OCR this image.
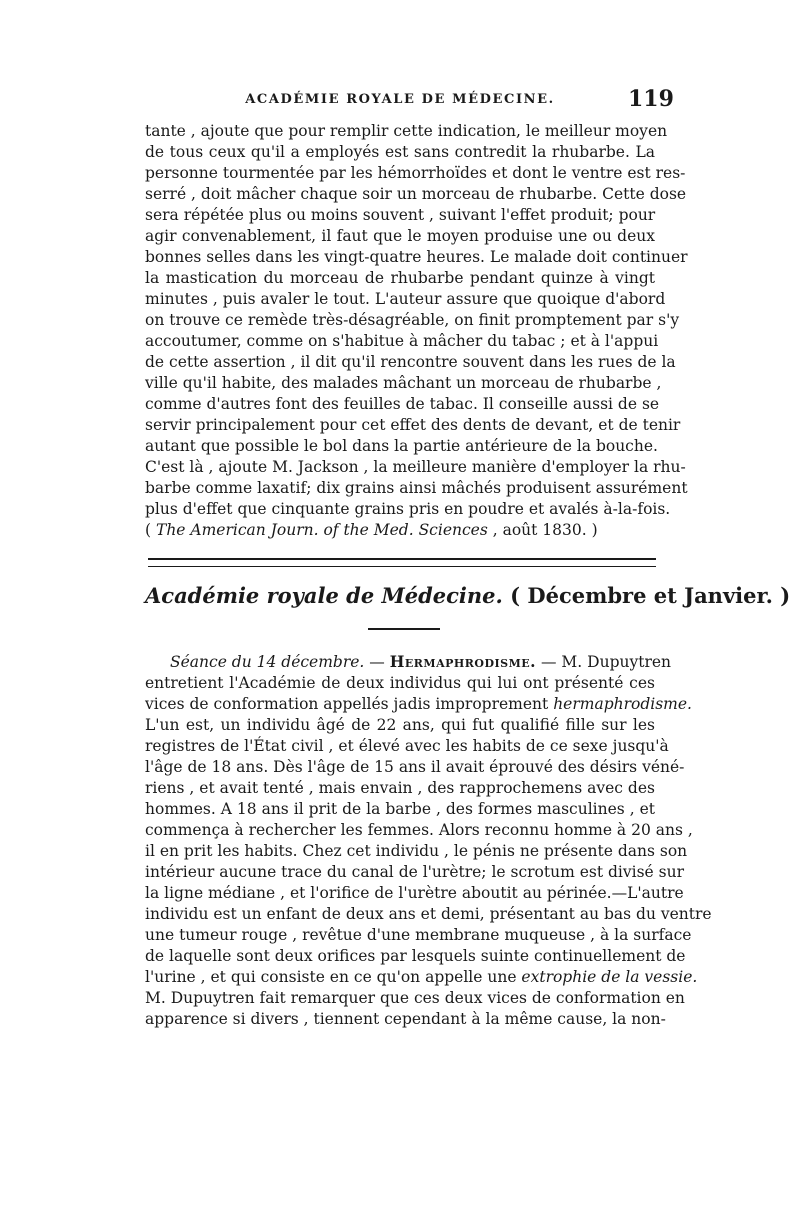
ACADÉMIE ROYALE DE MÉDECINE.	119
tante , ajoute que pour remplir cette indication, le meilleur moyen
de tous ceux qu'il a employés est sans contredit la rhubarbe. La
personne tourmentée par les hémorrhoïdes et dont le ventre est res-
serré , doit mâcher chaque soir un morceau de rhubarbe. Cette dose
sera répétée plus ou moins souvent , suivant l'effet produit; pour
agir convenablement, il faut que le moyen produise une ou deux
bonnes selles dans les vingt-quatre heures. Le malade doit continuer
la mastication du morceau de rhubarbe pendant quinze à vingt
minutes , puis avaler le tout. L'auteur assure que quoique d'abord
on trouve ce remède très-désagréable, on finit promptement par s'y
accoutumer, comme on s'habitue à mâcher du tabac ; et à l'appui
de cette assertion , il dit qu'il rencontre souvent dans les rues de la
ville qu'il habite, des malades mâchant un morceau de rhubarbe ,
comme d'autres font des feuilles de tabac. Il conseille aussi de se
servir principalement pour cet effet des dents de devant, et de tenir
autant que possible le bol dans la partie antérieure de la bouche.
C'est là , ajoute M. Jackson , la meilleure manière d'employer la rhu-
barbe comme laxatif; dix grains ainsi mâchés produisent assurément
plus d'effet que cinquante grains pris en poudre et avalés à-la-fois.
( The American Journ. of the Med. Sciences , août 1830. )
Académie royale de Médecine. ( Décembre et Janvier. )
Séance du 14 décembre. — Hermaphrodisme. — M. Dupuytren
entretient l'Académie de deux individus qui lui ont présenté ces
vices de conformation appellés jadis improprement hermaphrodisme.
L'un est, un individu âgé de 22 ans, qui fut qualifié fille sur les
registres de l'État civil , et élevé avec les habits de ce sexe jusqu'à
l'âge de 18 ans. Dès l'âge de 15 ans il avait éprouvé des désirs véné-
riens , et avait tenté , mais envain , des rapprochemens avec des
hommes. A 18 ans il prit de la barbe , des formes masculines , et
commença à rechercher les femmes. Alors reconnu homme à 20 ans ,
il en prit les habits. Chez cet individu , le pénis ne présente dans son
intérieur aucune trace du canal de l'urètre; le scrotum est divisé sur
la ligne médiane , et l'orifice de l'urètre aboutit au périnée.—L'autre
individu est un enfant de deux ans et demi, présentant au bas du ventre
une tumeur rouge , revêtue d'une membrane muqueuse , à la surface
de laquelle sont deux orifices par lesquels suinte continuellement de
l'urine , et qui consiste en ce qu'on appelle une extrophie de la vessie.
M. Dupuytren fait remarquer que ces deux vices de conformation en
apparence si divers , tiennent cependant à la même cause, la non-
